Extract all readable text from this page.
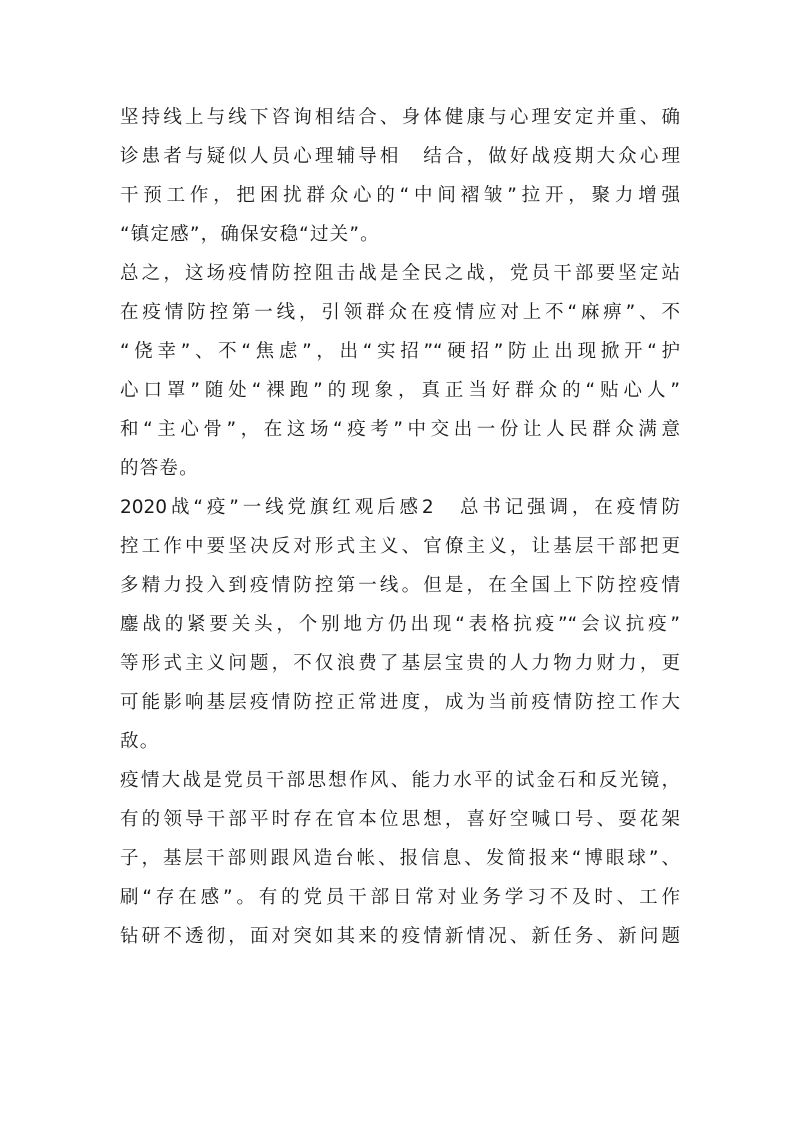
坚持线上与线下咨询相结合、身体健康与心理安定并重、确
诊患者与疑似人员心理辅导相　结合，做好战疫期大众心理
干预工作，把困扰群众心的“中间褶皱”拉开，聚力增强
“镇定感”，确保安稳“过关”。
总之，这场疫情防控阻击战是全民之战，党员干部要坚定站
在疫情防控第一线，引领群众在疫情应对上不“麻痹”、不
“侥幸”、不“焦虑”，出“实招”“硬招”防止出现掀开“护
心口罩”随处“裸跑”的现象，真正当好群众的“贴心人”
和“主心骨”，在这场“疫考”中交出一份让人民群众满意
的答卷。
2020战“疫”一线党旗红观后感2　总书记强调，在疫情防
控工作中要坚决反对形式主义、官僚主义，让基层干部把更
多精力投入到疫情防控第一线。但是，在全国上下防控疫情
鏖战的紧要关头，个别地方仍出现“表格抗疫”“会议抗疫”
等形式主义问题，不仅浪费了基层宝贵的人力物力财力，更
可能影响基层疫情防控正常进度，成为当前疫情防控工作大
敌。
疫情大战是党员干部思想作风、能力水平的试金石和反光镜，
有的领导干部平时存在官本位思想，喜好空喊口号、耍花架
子，基层干部则跟风造台帐、报信息、发简报来“博眼球”、
刷“存在感”。有的党员干部日常对业务学习不及时、工作
钻研不透彻，面对突如其来的疫情新情况、新任务、新问题
